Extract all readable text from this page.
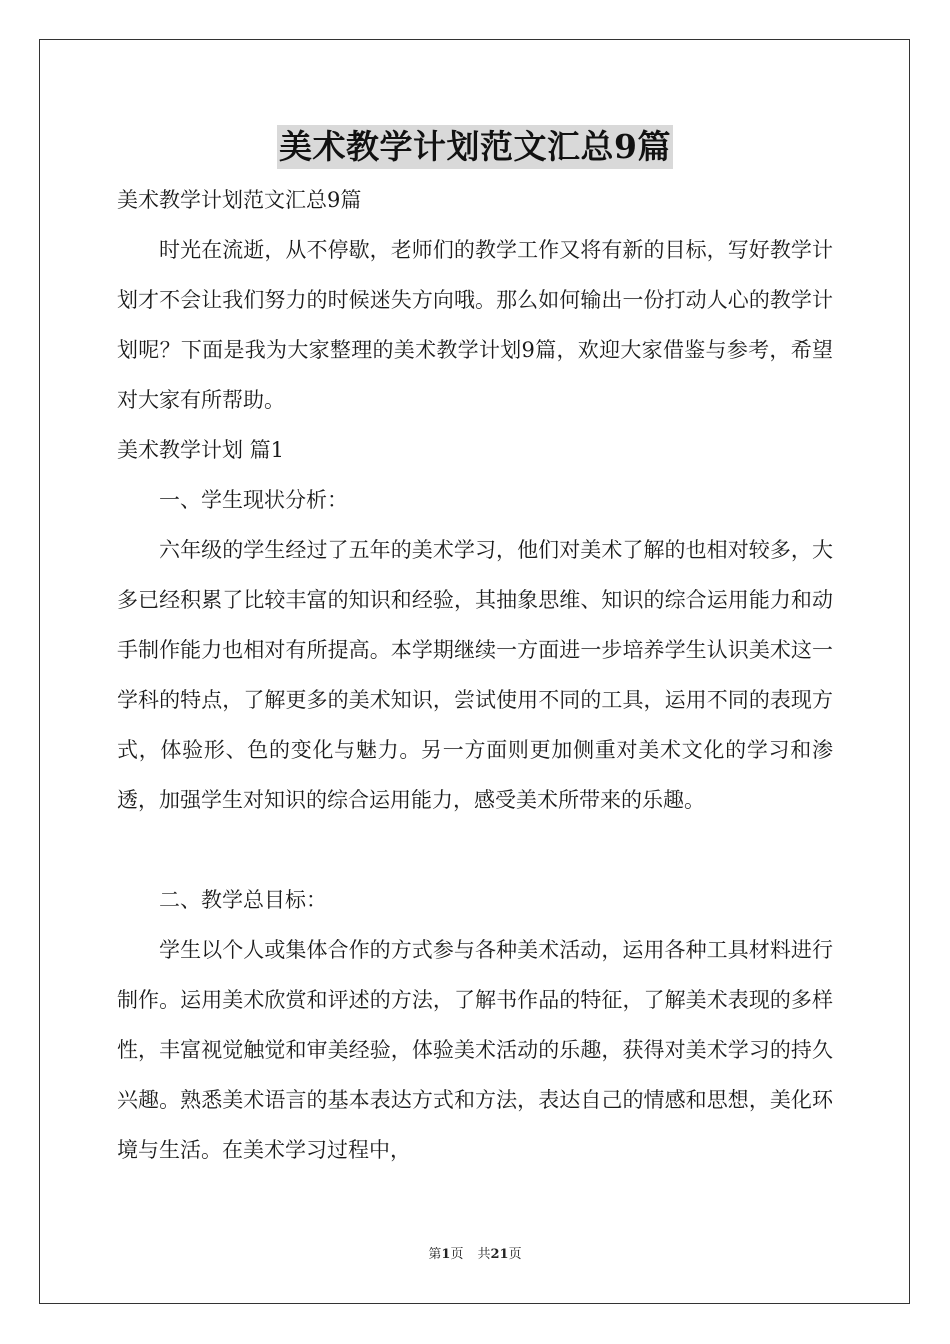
美术教学计划范文汇总9篇

美术教学计划范文汇总9篇

时光在流逝，从不停歇，老师们的教学工作又将有新的目标，写好教学计划才不会让我们努力的时候迷失方向哦。那么如何输出一份打动人心的教学计划呢？下面是我为大家整理的美术教学计划9篇，欢迎大家借鉴与参考，希望对大家有所帮助。

美术教学计划 篇1

一、学生现状分析：

六年级的学生经过了五年的美术学习，他们对美术了解的也相对较多，大多已经积累了比较丰富的知识和经验，其抽象思维、知识的综合运用能力和动手制作能力也相对有所提高。本学期继续一方面进一步培养学生认识美术这一学科的特点，了解更多的美术知识，尝试使用不同的工具，运用不同的表现方式，体验形、色的变化与魅力。另一方面则更加侧重对美术文化的学习和渗透，加强学生对知识的综合运用能力，感受美术所带来的乐趣。

二、教学总目标：

学生以个人或集体合作的方式参与各种美术活动，运用各种工具材料进行制作。运用美术欣赏和评述的方法，了解书作品的特征，了解美术表现的多样性，丰富视觉触觉和审美经验，体验美术活动的乐趣，获得对美术学习的持久兴趣。熟悉美术语言的基本表达方式和方法，表达自己的情感和思想，美化环境与生活。在美术学习过程中，

第1页 共21页
